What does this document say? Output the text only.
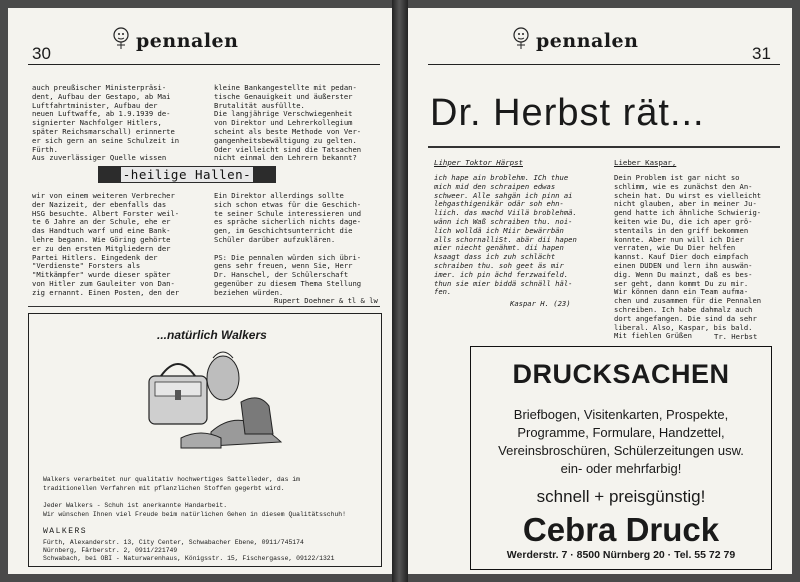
pennalen
30
auch preußischer Ministerpräsi-
dent, Aufbau der Gestapo, ab Mai
Luftfahrtminister, Aufbau der
neuen Luftwaffe, ab 1.9.1939 de-
signierter Nachfolger Hitlers,
später Reichsmarschall) erinnerte
er sich gern an seine Schulzeit in
Fürth.
Aus zuverlässiger Quelle wissen
kleine Bankangestellte mit pedan-
tische Genauigkeit und äußerster
Brutalität ausfüllte.
Die langjährige Verschwiegenheit
von Direktor und Lehrerkollegium
scheint als beste Methode von Ver-
gangenheitsbewältigung zu gelten.
Oder vielleicht sind die Tatsachen
nicht einmal den Lehrern bekannt?
-heilige Hallen-
wir von einem weiteren Verbrecher
der Nazizeit, der ebenfalls das
HSG besuchte. Albert Forster weil-
te 6 Jahre an der Schule, ehe er
das Handtuch warf und eine Bank-
lehre begann. Wie Göring gehörte
er zu den ersten Mitgliedern der
Partei Hitlers. Eingedenk der
"Verdienste" Forsters als
"Mitkämpfer" wurde dieser später
von Hitler zum Gauleiter von Dan-
zig ernannt. Einen Posten, den der
Ein Direktor allerdings sollte
sich schon etwas für die Geschich-
te seiner Schule interessieren und
es spräche sicherlich nichts dage-
gen, im Geschichtsunterricht die
Schüler darüber aufzuklären.

PS: Die pennalen würden sich übri-
gens sehr freuen, wenn Sie, Herr
Dr. Hanschel, der Schülerschaft
gegenüber zu diesem Thema Stellung
beziehen würden.
Rupert Doehner & tl & lw
...natürlich Walkers
Walkers verarbeitet nur qualitativ hochwertiges Sattelleder, das im
traditionellen Verfahren mit pflanzlichen Stoffen gegerbt wird.
Jeder Walkers - Schuh ist anerkannte Handarbeit.
Wir wünschen Ihnen viel Freude beim natürlichen Gehen in diesem Qualitätsschuh!
WALKERS
Fürth, Alexanderstr. 13, City Center, Schwabacher Ebene, 0911/745174
Nürnberg, Färberstr. 2, 0911/221749
Schwabach, bei OBI - Naturwarenhaus, Königsstr. 15, Fischergasse, 09122/1321
pennalen
31
Dr. Herbst rät...
Lihper Toktor Härpst
ich hape ain broblehm. ICh thue
mich mid den schraipen edwas
schweer. Alle sahgän ich pinn ai
lehgasthigenikär odär soh ehn-
liich. das machd Viilä broblehmä.
wänn ich Waß schraiben thu. noi-
lich wolldä ich Miir bewärrbän
alls schornalliSt. abär dii hapen
mier niecht genähmt. dii hapen
ksaagt dass ich zuh schlächt
schraiben thu. soh geet äs mir
imer. ich pin ächd ferzwaifeld.
thun sie mier biddä schnäll häl-
fen.
Kaspar H. (23)
Lieber Kaspar,
Dein Problem ist gar nicht so
schlimm, wie es zunächst den An-
schein hat. Du wirst es vielleicht
nicht glauben, aber in meiner Ju-
gend hatte ich ähnliche Schwierig-
keiten wie Du, die ich aper grö-
stentails in den griff bekommen
konnte. Aber nun will ich Dier
verraten, wie Du Dier helfen
kannst. Kauf Dier doch eimpfach
einen DUDEN und lern ihn auswän-
dig. Wenn Du mainzt, daß es bes-
ser geht, dann kommt Du zu mir.
Wir können dann ein Team aufma-
chen und zusammen für die Pennalen
schreiben. Ich habe dahmalz auch
dort angefangen. Die sind da sehr
liberal. Also, Kaspar, bis bald.
Mit fiehlen Grüßen	Tr. Herbst
DRUCKSACHEN
Briefbogen, Visitenkarten, Prospekte,
Programme, Formulare, Handzettel,
Vereinsbroschüren, Schülerzeitungen usw.
ein- oder mehrfarbig!
schnell + preisgünstig!
Cebra Druck
Werderstr. 7 · 8500 Nürnberg 20 · Tel. 55 72 79
